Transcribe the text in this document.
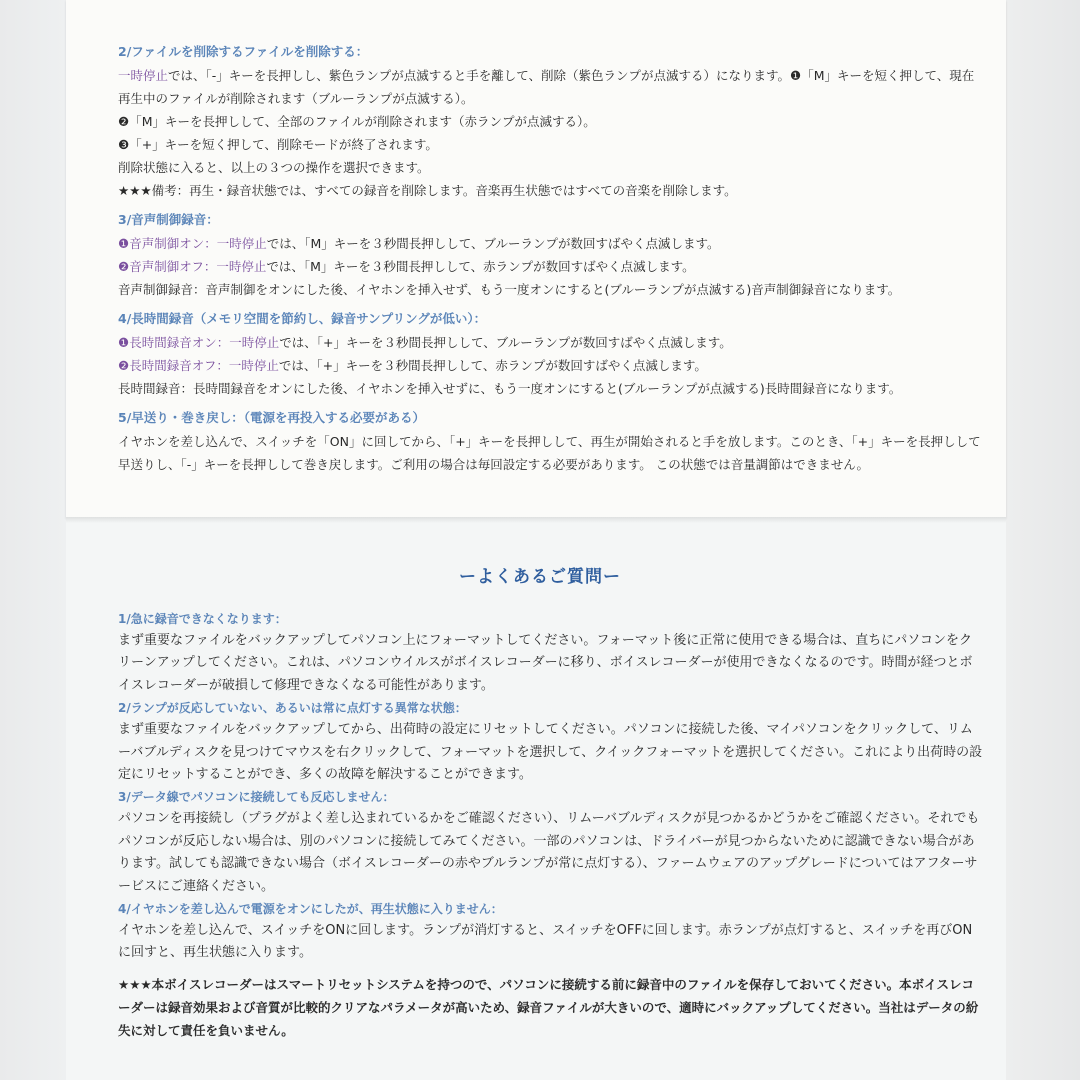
2/ファイルを削除するファイルを削除する：
一時停止では、「-」キーを長押しし、紫色ランプが点滅すると手を離して、削除（紫色ランプが点滅する）になります。❶「M」キーを短く押して、現在
再生中のファイルが削除されます（ブルーランプが点滅する）。
❷「M」キーを長押しして、全部のファイルが削除されます（赤ランプが点滅する）。
❸「+」キーを短く押して、削除モードが終了されます。
削除状態に入ると、以上の３つの操作を選択できます。
★★★備考：再生・録音状態では、すべての録音を削除します。音楽再生状態ではすべての音楽を削除します。
3/音声制御録音：
❶音声制御オン：一時停止では、「M」キーを３秒間長押しして、ブルーランプが数回すばやく点滅します。
❷音声制御オフ：一時停止では、「M」キーを３秒間長押しして、赤ランプが数回すばやく点滅します。
音声制御録音：音声制御をオンにした後、イヤホンを挿入せず、もう一度オンにすると(ブルーランプが点滅する)音声制御録音になります。
4/長時間録音（メモリ空間を節約し、録音サンプリングが低い）：
❶長時間録音オン：一時停止では、「+」キーを３秒間長押しして、ブルーランプが数回すばやく点滅します。
❷長時間録音オフ：一時停止では、「+」キーを３秒間長押しして、赤ランプが数回すばやく点滅します。
長時間録音：長時間録音をオンにした後、イヤホンを挿入せずに、もう一度オンにすると(ブルーランプが点滅する)長時間録音になります。
5/早送り・巻き戻し：（電源を再投入する必要がある）
イヤホンを差し込んで、スイッチを「ON」に回してから、「+」キーを長押しして、再生が開始されると手を放します。このとき、「+」キーを長押しして
早送りし、「-」キーを長押しして巻き戻します。ご利用の場合は毎回設定する必要があります。 この状態では音量調節はできません。
ーよくあるご質問ー
1/急に録音できなくなります：
まず重要なファイルをバックアップしてパソコン上にフォーマットしてください。フォーマット後に正常に使用できる場合は、直ちにパソコンをクリーンアップしてください。これは、パソコンウイルスがボイスレコーダーに移り、ボイスレコーダーが使用できなくなるのです。時間が経つとボイスレコーダーが破損して修理できなくなる可能性があります。
2/ランプが反応していない、あるいは常に点灯する異常な状態：
まず重要なファイルをバックアップしてから、出荷時の設定にリセットしてください。パソコンに接続した後、マイパソコンをクリックして、リムーバブルディスクを見つけてマウスを右クリックして、フォーマットを選択して、クイックフォーマットを選択してください。これにより出荷時の設定にリセットすることができ、多くの故障を解決することができます。
3/データ線でパソコンに接続しても反応しません：
パソコンを再接続し（プラグがよく差し込まれているかをご確認ください）、リムーバブルディスクが見つかるかどうかをご確認ください。それでもパソコンが反応しない場合は、別のパソコンに接続してみてください。一部のパソコンは、ドライバーが見つからないために認識できない場合があります。試しても認識できない場合（ボイスレコーダーの赤やブルランプが常に点灯する）、ファームウェアのアップグレードについてはアフターサービスにご連絡ください。
4/イヤホンを差し込んで電源をオンにしたが、再生状態に入りません：
イヤホンを差し込んで、スイッチをONに回します。ランプが消灯すると、スイッチをOFFに回します。赤ランプが点灯すると、スイッチを再びONに回すと、再生状態に入ります。
★★★本ボイスレコーダーはスマートリセットシステムを持つので、パソコンに接続する前に録音中のファイルを保存しておいてください。本ボイスレコーダーは録音効果および音質が比較的クリアなパラメータが高いため、録音ファイルが大きいので、適時にバックアップしてください。当社はデータの紛失に対して責任を負いません。
